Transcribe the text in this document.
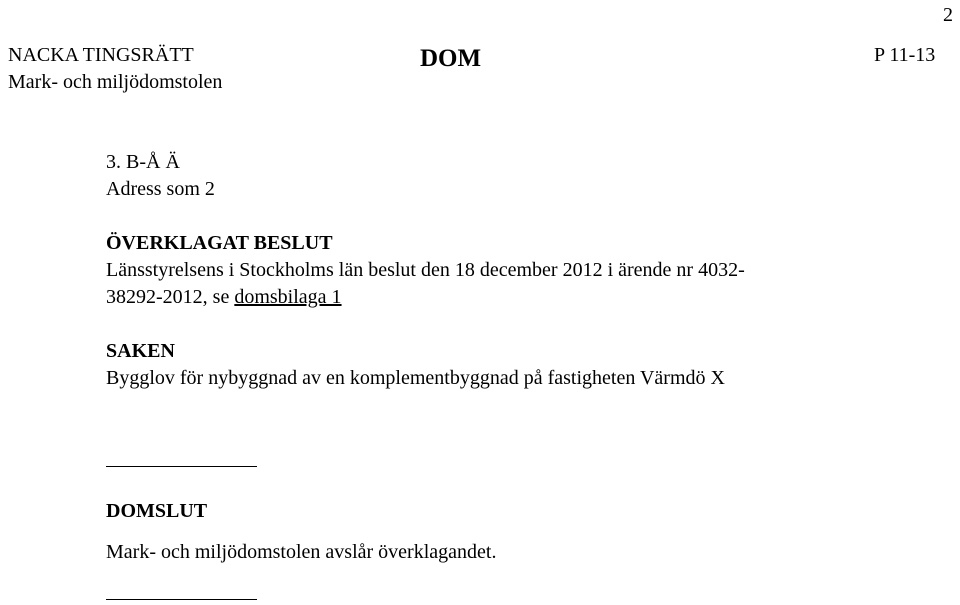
2
NACKA TINGSRÄTT
Mark- och miljödomstolen
DOM	P 11-13
3. B-Å Ä
Adress som 2
ÖVERKLAGAT BESLUT
Länsstyrelsens i Stockholms län beslut den 18 december 2012 i ärende nr 4032-
38292-2012, se domsbilaga 1
SAKEN
Bygglov för nybyggnad av en komplementbyggnad på fastigheten Värmdö X
DOMSLUT
Mark- och miljödomstolen avslår överklagandet.
